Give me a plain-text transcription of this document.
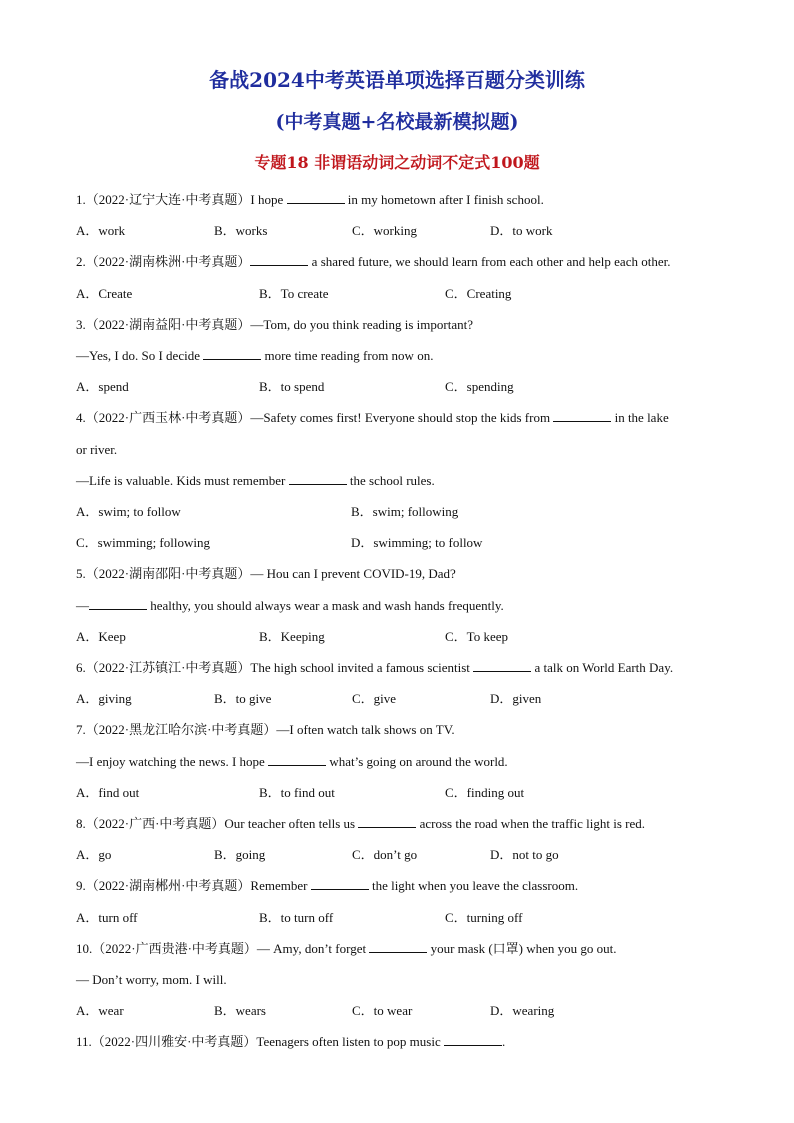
备战2024中考英语单项选择百题分类训练
(中考真题+名校最新模拟题)
专题18 非谓语动词之动词不定式100题
1.（2022·辽宁大连·中考真题）I hope	in my hometown after I finish school.
A．work	B．works	C．working	D．to work
2.（2022·湖南株洲·中考真题）	a shared future, we should learn from each other and help each other.
A．Create	B．To create	C．Creating
3.（2022·湖南益阳·中考真题）—Tom, do you think reading is important?
—Yes, I do. So I decide	more time reading from now on.
A．spend	B．to spend	C．spending
4.（2022·广西玉林·中考真题）—Safety comes first! Everyone should stop the kids from	in the lake
or river.
—Life is valuable. Kids must remember	the school rules.
A．swim; to follow	B．swim; following
C．swimming; following	D．swimming; to follow
5.（2022·湖南邵阳·中考真题）— Hou can I prevent COVID-19, Dad?
—	healthy, you should always wear a mask and wash hands frequently.
A．Keep	B．Keeping	C．To keep
6.（2022·江苏镇江·中考真题）The high school invited a famous scientist	a talk on World Earth Day.
A．giving	B．to give	C．give	D．given
7.（2022·黑龙江哈尔滨·中考真题）—I often watch talk shows on TV.
—I enjoy watching the news. I hope	what’s going on around the world.
A．find out	B．to find out	C．finding out
8.（2022·广西·中考真题）Our teacher often tells us	across the road when the traffic light is red.
A．go	B．going	C．don’t go	D．not to go
9.（2022·湖南郴州·中考真题）Remember	the light when you leave the classroom.
A．turn off	B．to turn off	C．turning off
10.（2022·广西贵港·中考真题）— Amy, don’t forget	your mask (口罩) when you go out.
— Don’t worry, mom. I will.
A．wear	B．wears	C．to wear	D．wearing
11.（2022·四川雅安·中考真题）Teenagers often listen to pop music	.
